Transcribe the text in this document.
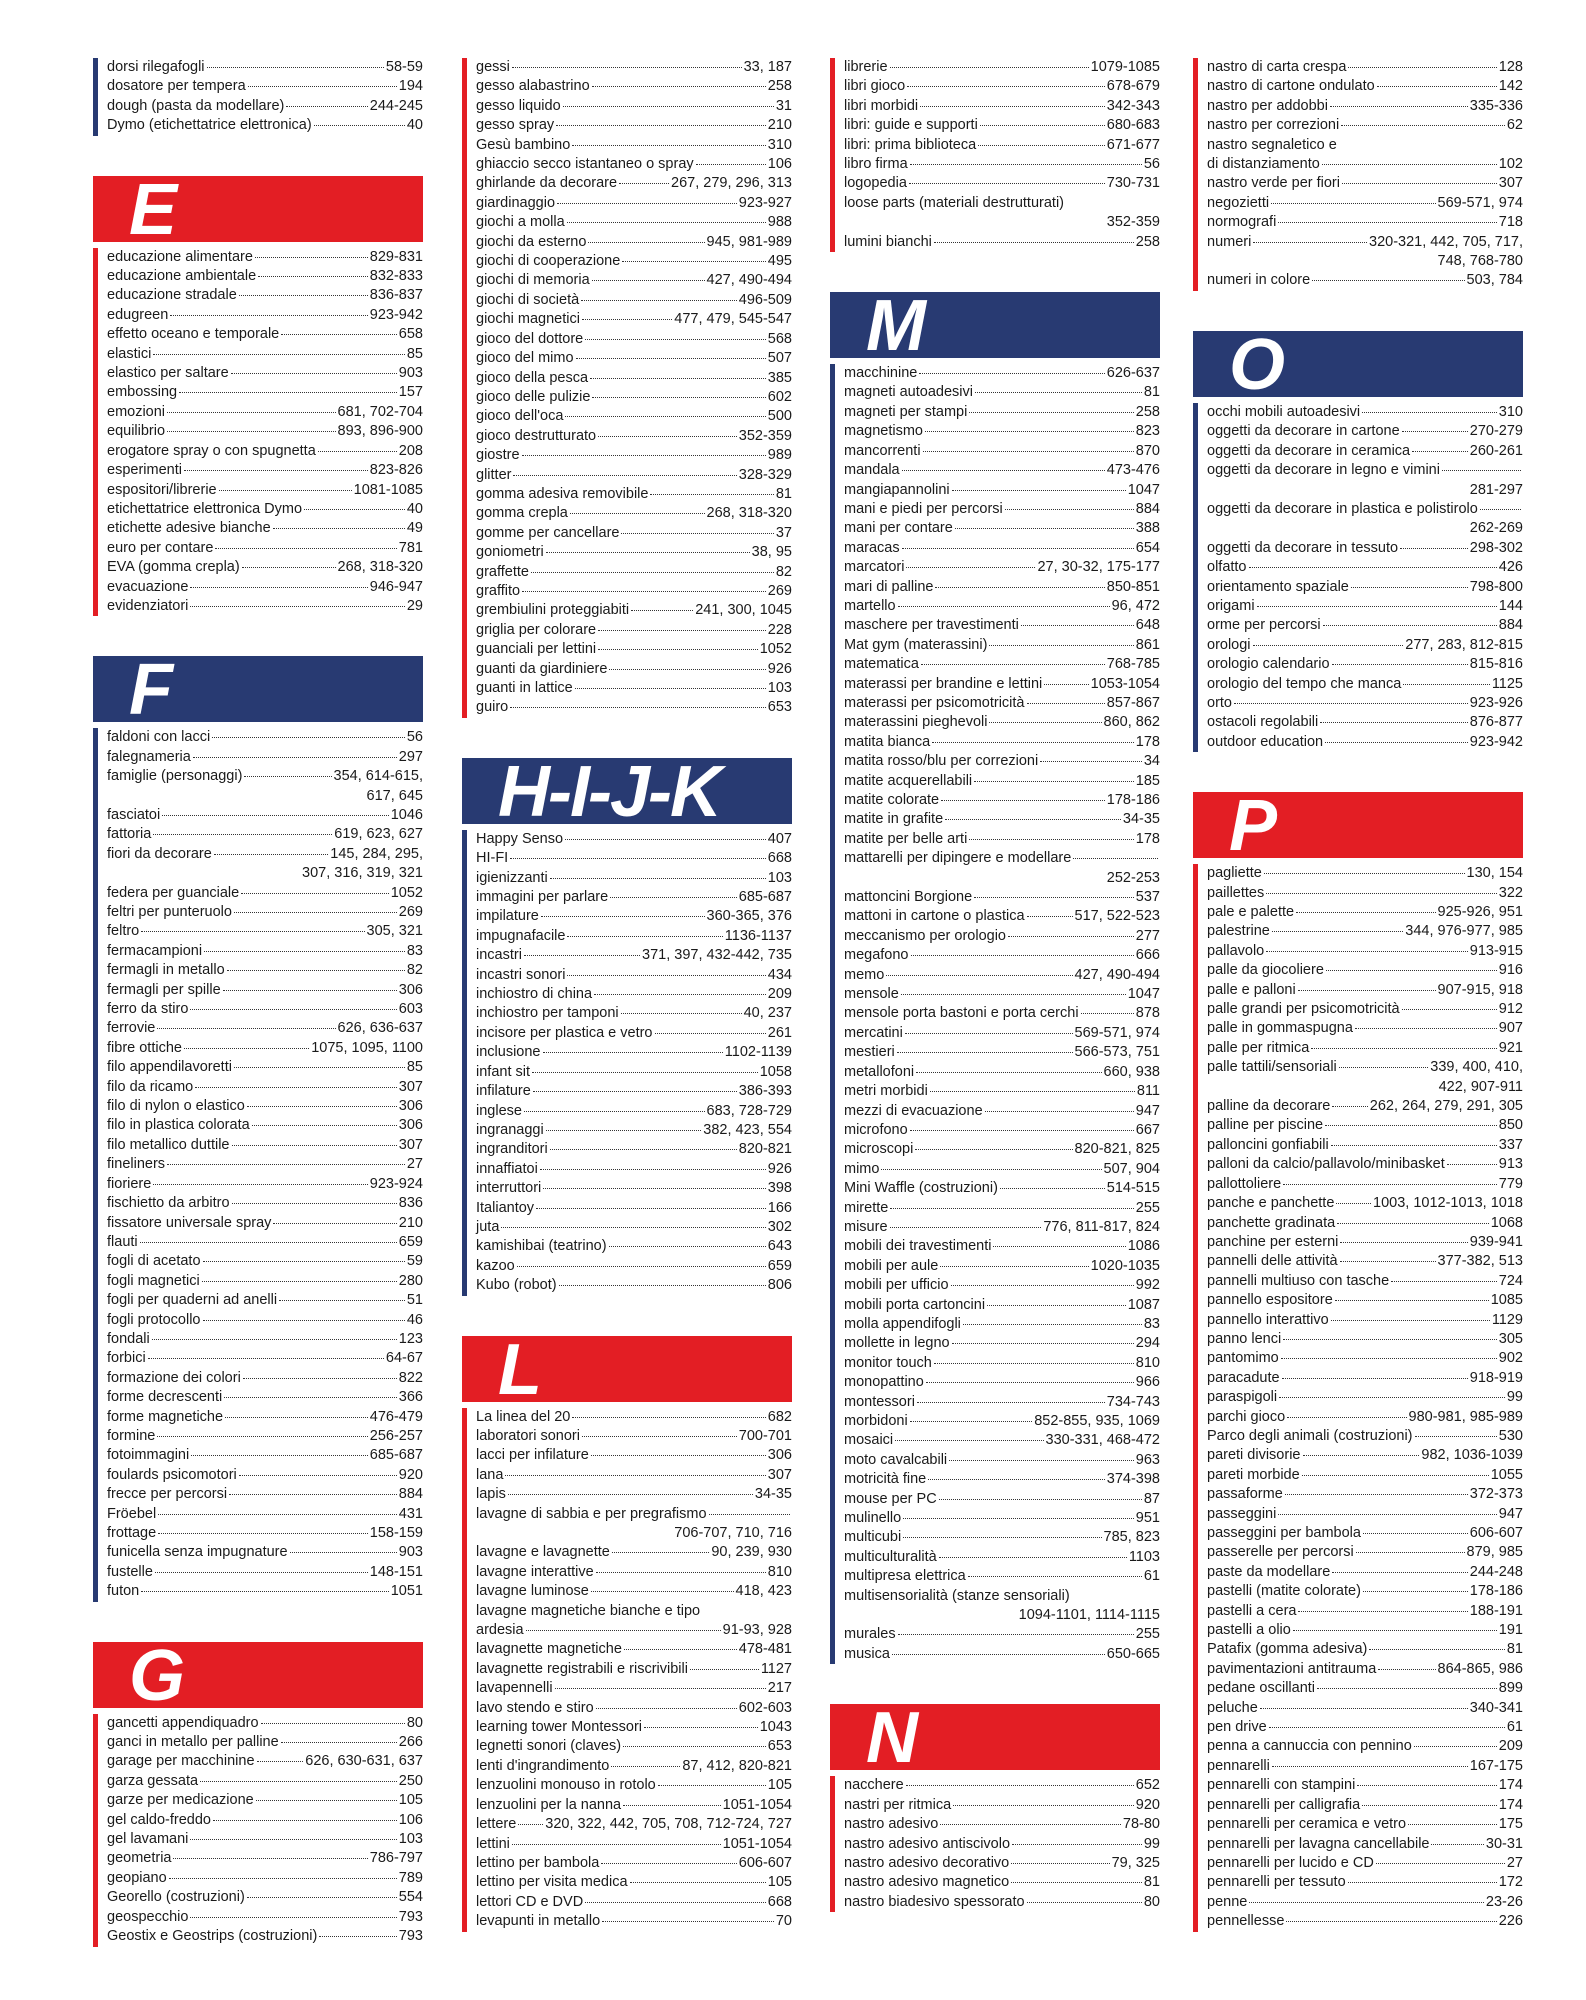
dorsi rilegafogli	58-59
dosatore per tempera	194
dough (pasta da modellare)	244-245
Dymo (etichettatrice elettronica)	40
E
educazione alimentare	829-831
educazione ambientale	832-833
educazione stradale	836-837
edugreen	923-942
effetto oceano e temporale	658
elastici	85
elastico per saltare	903
embossing	157
emozioni	681, 702-704
equilibrio	893, 896-900
erogatore spray o con spugnetta	208
esperimenti	823-826
espositori/librerie	1081-1085
etichettatrice elettronica Dymo	40
etichette adesive bianche	49
euro per contare	781
EVA (gomma crepla)	268, 318-320
evacuazione	946-947
evidenziatori	29
F
faldoni con lacci	56
falegnameria	297
famiglie (personaggi)	354, 614-615,
617, 645
fasciatoi	1046
fattoria	619, 623, 627
fiori da decorare	145, 284, 295,
307, 316, 319, 321
federa per guanciale	1052
feltri per punteruolo	269
feltro	305, 321
fermacampioni	83
fermagli in metallo	82
fermagli per spille	306
ferro da stiro	603
ferrovie	626, 636-637
fibre ottiche	1075, 1095, 1100
filo appendilavoretti	85
filo da ricamo	307
filo di nylon o elastico	306
filo in plastica colorata	306
filo metallico duttile	307
fineliners	27
fioriere	923-924
fischietto da arbitro	836
fissatore universale spray	210
flauti	659
fogli di acetato	59
fogli magnetici	280
fogli per quaderni ad anelli	51
fogli protocollo	46
fondali	123
forbici	64-67
formazione dei colori	822
forme decrescenti	366
forme magnetiche	476-479
formine	256-257
fotoimmagini	685-687
foulards psicomotori	920
frecce per percorsi	884
Fröebel	431
frottage	158-159
funicella senza impugnature	903
fustelle	148-151
futon	1051
G
gancetti appendiquadro	80
ganci in metallo per palline	266
garage per macchinine	626, 630-631, 637
garza gessata	250
garze per medicazione	105
gel caldo-freddo	106
gel lavamani	103
geometria	786-797
geopiano	789
Georello (costruzioni)	554
geospecchio	793
Geostix e Geostrips (costruzioni)	793
gessi	33, 187
gesso alabastrino	258
gesso liquido	31
gesso spray	210
Gesù bambino	310
ghiaccio secco istantaneo o spray	106
ghirlande da decorare	267, 279, 296, 313
giardinaggio	923-927
giochi a molla	988
giochi da esterno	945, 981-989
giochi di cooperazione	495
giochi di memoria	427, 490-494
giochi di società	496-509
giochi magnetici	477, 479, 545-547
gioco del dottore	568
gioco del mimo	507
gioco della pesca	385
gioco delle pulizie	602
gioco dell'oca	500
gioco destrutturato	352-359
giostre	989
glitter	328-329
gomma adesiva removibile	81
gomma crepla	268, 318-320
gomme per cancellare	37
goniometri	38, 95
graffette	82
graffito	269
grembiulini proteggiabiti	241, 300, 1045
griglia per colorare	228
guanciali per lettini	1052
guanti da giardiniere	926
guanti in lattice	103
guiro	653
H-I-J-K
Happy Senso	407
HI-FI	668
igienizzanti	103
immagini per parlare	685-687
impilature	360-365, 376
impugnafacile	1136-1137
incastri	371, 397, 432-442, 735
incastri sonori	434
inchiostro di china	209
inchiostro per tamponi	40, 237
incisore per plastica e vetro	261
inclusione	1102-1139
infant sit	1058
infilature	386-393
inglese	683, 728-729
ingranaggi	382, 423, 554
ingranditori	820-821
innaffiatoi	926
interruttori	398
Italiantoy	166
juta	302
kamishibai (teatrino)	643
kazoo	659
Kubo (robot)	806
L
La linea del 20	682
laboratori sonori	700-701
lacci per infilature	306
lana	307
lapis	34-35
lavagne di sabbia e per pregrafismo
706-707, 710, 716
lavagne e lavagnette	90, 239, 930
lavagne interattive	810
lavagne luminose	418, 423
lavagne magnetiche bianche e tipo
ardesia	91-93, 928
lavagnette magnetiche	478-481
lavagnette registrabili e riscrivibili	1127
lavapennelli	217
lavo stendo e stiro	602-603
learning tower Montessori	1043
legnetti sonori (claves)	653
lenti d'ingrandimento	87, 412, 820-821
lenzuolini monouso in rotolo	105
lenzuolini per la nanna	1051-1054
lettere 320, 322, 442, 705, 708, 712-724, 727
lettini	1051-1054
lettino per bambola	606-607
lettino per visita medica	105
lettori CD e DVD	668
levapunti in metallo	70
librerie	1079-1085
libri gioco	678-679
libri morbidi	342-343
libri: guide e supporti	680-683
libri: prima biblioteca	671-677
libro firma	56
logopedia	730-731
loose parts (materiali destrutturati)
352-359
lumini bianchi	258
M
macchinine	626-637
magneti autoadesivi	81
magneti per stampi	258
magnetismo	823
mancorrenti	870
mandala	473-476
mangiapannolini	1047
mani e piedi per percorsi	884
mani per contare	388
maracas	654
marcatori	27, 30-32, 175-177
mari di palline	850-851
martello	96, 472
maschere per travestimenti	648
Mat gym (materassini)	861
matematica	768-785
materassi per brandine e lettini	1053-1054
materassi per psicomotricità	857-867
materassini pieghevoli	860, 862
matita bianca	178
matita rosso/blu per correzioni	34
matite acquerellabili	185
matite colorate	178-186
matite in grafite	34-35
matite per belle arti	178
mattarelli per dipingere e modellare
252-253
mattoncini Borgione	537
mattoni in cartone o plastica	517, 522-523
meccanismo per orologio	277
megafono	666
memo	427, 490-494
mensole	1047
mensole porta bastoni e porta cerchi	878
mercatini	569-571, 974
mestieri	566-573, 751
metallofoni	660, 938
metri morbidi	811
mezzi di evacuazione	947
microfono	667
microscopi	820-821, 825
mimo	507, 904
Mini Waffle (costruzioni)	514-515
mirette	255
misure	776, 811-817, 824
mobili dei travestimenti	1086
mobili per aule	1020-1035
mobili per ufficio	992
mobili porta cartoncini	1087
molla appendifogli	83
mollette in legno	294
monitor touch	810
monopattino	966
montessori	734-743
morbidoni	852-855, 935, 1069
mosaici	330-331, 468-472
moto cavalcabili	963
motricità fine	374-398
mouse per PC	87
mulinello	951
multicubi	785, 823
multiculturalità	1103
multipresa elettrica	61
multisensorialità (stanze sensoriali)
1094-1101, 1114-1115
murales	255
musica	650-665
N
nacchere	652
nastri per ritmica	920
nastro adesivo	78-80
nastro adesivo antiscivolo	99
nastro adesivo decorativo	79, 325
nastro adesivo magnetico	81
nastro biadesivo spessorato	80
nastro di carta crespa	128
nastro di cartone ondulato	142
nastro per addobbi	335-336
nastro per correzioni	62
nastro segnaletico e
di distanziamento	102
nastro verde per fiori	307
negozietti	569-571, 974
normografi	718
numeri	320-321, 442, 705, 717,
748, 768-780
numeri in colore	503, 784
O
occhi mobili autoadesivi	310
oggetti da decorare in cartone	270-279
oggetti da decorare in ceramica	260-261
oggetti da decorare in legno e vimini
281-297
oggetti da decorare in plastica e polistirolo
262-269
oggetti da decorare in tessuto	298-302
olfatto	426
orientamento spaziale	798-800
origami	144
orme per percorsi	884
orologi	277, 283, 812-815
orologio calendario	815-816
orologio del tempo che manca	1125
orto	923-926
ostacoli regolabili	876-877
outdoor education	923-942
P
pagliette	130, 154
paillettes	322
pale e palette	925-926, 951
palestrine	344, 976-977, 985
pallavolo	913-915
palle da giocoliere	916
palle e palloni	907-915, 918
palle grandi per psicomotricità	912
palle in gommaspugna	907
palle per ritmica	921
palle tattili/sensoriali	339, 400, 410,
422, 907-911
palline da decorare	262, 264, 279, 291, 305
palline per piscine	850
palloncini gonfiabili	337
palloni da calcio/pallavolo/minibasket	913
pallottoliere	779
panche e panchette	1003, 1012-1013, 1018
panchette gradinata	1068
panchine per esterni	939-941
pannelli delle attività	377-382, 513
pannelli multiuso con tasche	724
pannello espositore	1085
pannello interattivo	1129
panno lenci	305
pantomimo	902
paracadute	918-919
paraspigoli	99
parchi gioco	980-981, 985-989
Parco degli animali (costruzioni)	530
pareti divisorie	982, 1036-1039
pareti morbide	1055
passaforme	372-373
passeggini	947
passeggini per bambola	606-607
passerelle per percorsi	879, 985
paste da modellare	244-248
pastelli (matite colorate)	178-186
pastelli a cera	188-191
pastelli a olio	191
Patafix (gomma adesiva)	81
pavimentazioni antitrauma	864-865, 986
pedane oscillanti	899
peluche	340-341
pen drive	61
penna a cannuccia con pennino	209
pennarelli	167-175
pennarelli con stampini	174
pennarelli per calligrafia	174
pennarelli per ceramica e vetro	175
pennarelli per lavagna cancellabile	30-31
pennarelli per lucido e CD	27
pennarelli per tessuto	172
penne	23-26
pennellesse	226
